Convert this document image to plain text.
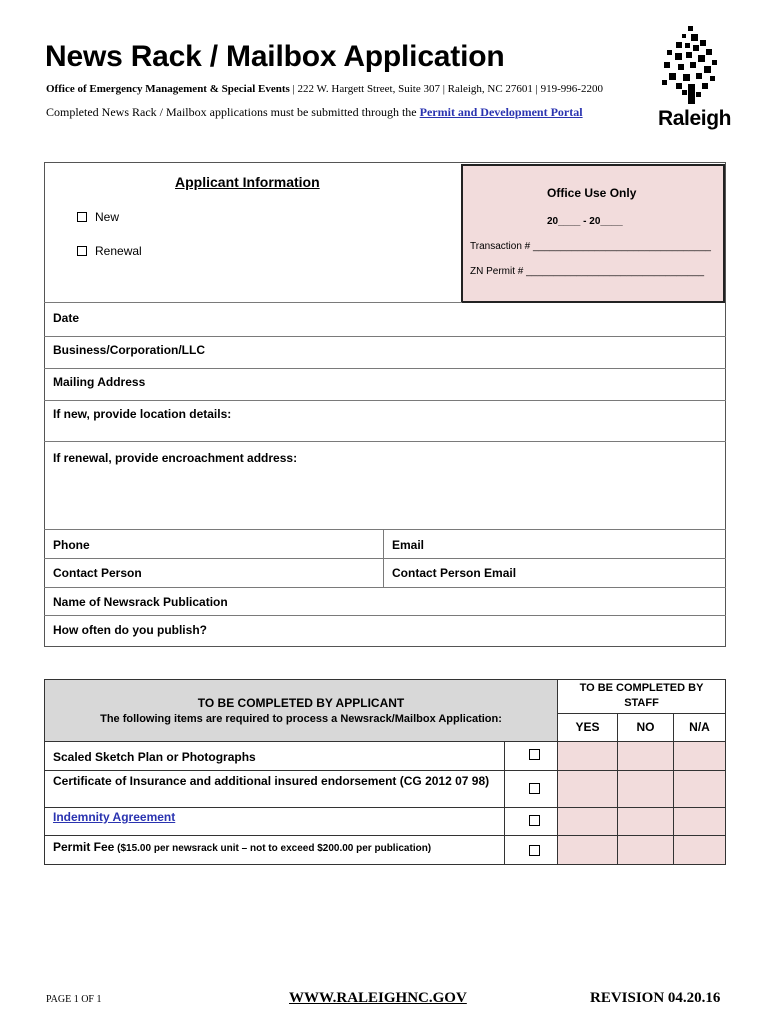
News Rack / Mailbox Application
Office of Emergency Management & Special Events | 222 W. Hargett Street, Suite 307 | Raleigh, NC 27601 | 919-996-2200
Completed News Rack / Mailbox applications must be submitted through the Permit and Development Portal	Raleigh
Applicant Information
New
Renewal
Office Use Only
20____ - 20____
Transaction # ________________________________
ZN Permit # ________________________________
Date
Business/Corporation/LLC
Mailing Address
If new, provide location details:
If renewal, provide encroachment address:
Phone	Email
Contact Person	Contact Person Email
Name of Newsrack Publication
How often do you publish?
TO BE COMPLETED BY APPLICANT
The following items are required to process a Newsrack/Mailbox Application:
TO BE COMPLETED BY
STAFF
YES	NO	N/A
Scaled Sketch Plan or Photographs
Certificate of Insurance and additional insured endorsement (CG 2012 07 98)
Indemnity Agreement
Permit Fee ($15.00 per newsrack unit – not to exceed $200.00 per publication)
PAGE 1 OF 1	WWW.RALEIGHNC.GOV	REVISION 04.20.16
